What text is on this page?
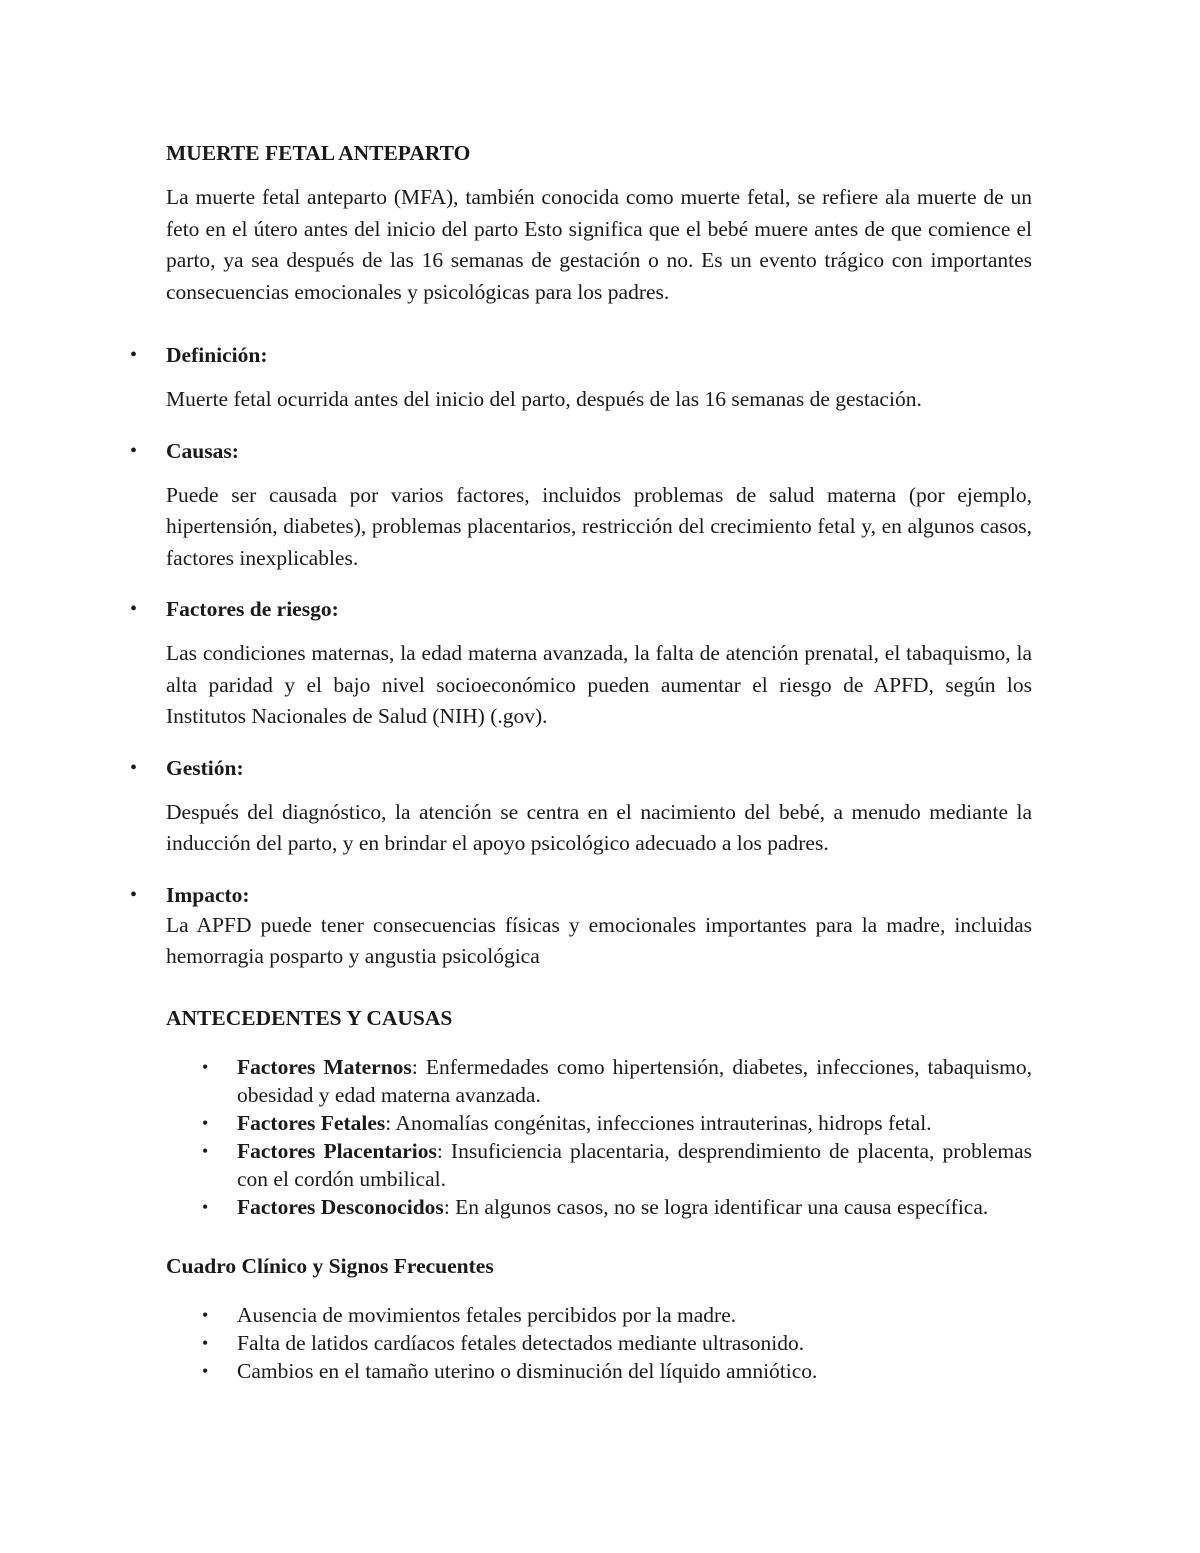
MUERTE FETAL ANTEPARTO

La muerte fetal anteparto (MFA), también conocida como muerte fetal, se refiere ala muerte de un feto en el útero antes del inicio del parto Esto significa que el bebé muere antes de que comience el parto, ya sea después de las 16 semanas de gestación o no. Es un evento trágico con importantes consecuencias emocionales y psicológicas para los padres.

• Definición:

Muerte fetal ocurrida antes del inicio del parto, después de las 16 semanas de gestación.

• Causas:

Puede ser causada por varios factores, incluidos problemas de salud materna (por ejemplo, hipertensión, diabetes), problemas placentarios, restricción del crecimiento fetal y, en algunos casos, factores inexplicables.

• Factores de riesgo:

Las condiciones maternas, la edad materna avanzada, la falta de atención prenatal, el tabaquismo, la alta paridad y el bajo nivel socioeconómico pueden aumentar el riesgo de APFD, según los Institutos Nacionales de Salud (NIH) (.gov).

• Gestión:

Después del diagnóstico, la atención se centra en el nacimiento del bebé, a menudo mediante la inducción del parto, y en brindar el apoyo psicológico adecuado a los padres.

• Impacto:

La APFD puede tener consecuencias físicas y emocionales importantes para la madre, incluidas hemorragia posparto y angustia psicológica

ANTECEDENTES Y CAUSAS

• Factores Maternos: Enfermedades como hipertensión, diabetes, infecciones, tabaquismo, obesidad y edad materna avanzada.
• Factores Fetales: Anomalías congénitas, infecciones intrauterinas, hidrops fetal.
• Factores Placentarios: Insuficiencia placentaria, desprendimiento de placenta, problemas con el cordón umbilical.
• Factores Desconocidos: En algunos casos, no se logra identificar una causa específica.

Cuadro Clínico y Signos Frecuentes

• Ausencia de movimientos fetales percibidos por la madre.
• Falta de latidos cardíacos fetales detectados mediante ultrasonido.
• Cambios en el tamaño uterino o disminución del líquido amniótico.
